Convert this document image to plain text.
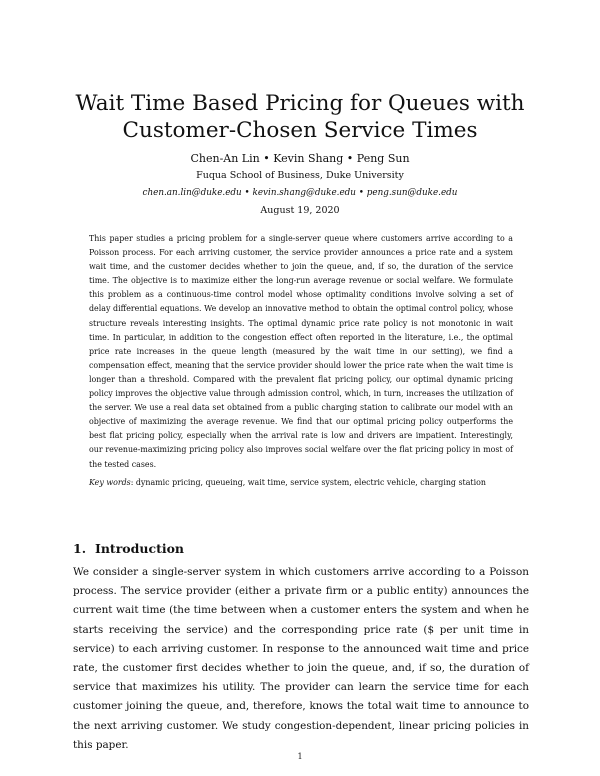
Wait Time Based Pricing for Queues with Customer-Chosen Service Times
Chen-An Lin • Kevin Shang • Peng Sun
Fuqua School of Business, Duke University
chen.an.lin@duke.edu • kevin.shang@duke.edu • peng.sun@duke.edu
August 19, 2020

This paper studies a pricing problem for a single-server queue where customers arrive according to a Poisson process. For each arriving customer, the service provider announces a price rate and a system wait time, and the customer decides whether to join the queue, and, if so, the duration of the service time. The objective is to maximize either the long-run average revenue or social welfare. We formulate this problem as a continuous-time control model whose optimality conditions involve solving a set of delay differential equations. We develop an innovative method to obtain the optimal control policy, whose structure reveals interesting insights. The optimal dynamic price rate policy is not monotonic in wait time. In particular, in addition to the congestion effect often reported in the literature, i.e., the optimal price rate increases in the queue length (measured by the wait time in our setting), we find a compensation effect, meaning that the service provider should lower the price rate when the wait time is longer than a threshold. Compared with the prevalent flat pricing policy, our optimal dynamic pricing policy improves the objective value through admission control, which, in turn, increases the utilization of the server. We use a real data set obtained from a public charging station to calibrate our model with an objective of maximizing the average revenue. We find that our optimal pricing policy outperforms the best flat pricing policy, especially when the arrival rate is low and drivers are impatient. Interestingly, our revenue-maximizing pricing policy also improves social welfare over the flat pricing policy in most of the tested cases.

Key words: dynamic pricing, queueing, wait time, service system, electric vehicle, charging station
1. Introduction

We consider a single-server system in which customers arrive according to a Poisson process. The service provider (either a private firm or a public entity) announces the current wait time (the time between when a customer enters the system and when he starts receiving the service) and the corresponding price rate ($ per unit time in service) to each arriving customer. In response to the announced wait time and price rate, the customer first decides whether to join the queue, and, if so, the duration of service that maximizes his utility. The provider can learn the service time for each customer joining the queue, and, therefore, knows the total wait time to announce to the next arriving customer. We study congestion-dependent, linear pricing policies in this paper.

1
